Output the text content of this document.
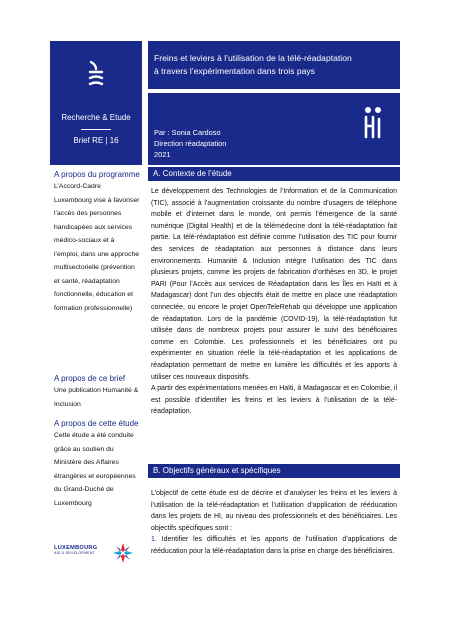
Recherche & Etude
Brief RE | 16
Freins et leviers à l’utilisation de la télé-réadaptation
à travers l’expérimentation dans trois pays
Par : Sonia Cardoso
Direction réadaptation
2021
A propos du programme
L’Accord-Cadre Luxembourg vise à favoriser l’accès des personnes handicapées aux services médico-sociaux et à l’emploi, dans une approche multisectorielle (prévention et santé, réadaptation fonctionnelle, éducation et formation professionnelle)
A propos de ce brief
Une publication Humanité & Inclusion
A propos de cette étude
Cette étude a été conduite grâce au soutien du Ministère des Affaires étrangères et européennes du Grand-Duché de Luxembourg
LUXEMBOURG
AID & DEVELOPMENT
A. Contexte de l’étude

Le développement des Technologies de l’Information et de la Communication (TIC), associé à l’augmentation croissante du nombre d’usagers de téléphone mobile et d’internet dans le monde, ont permis l’émergence de la santé numérique (Digital Health) et de la télémédecine dont la télé-réadaptation fait partie. La télé-réadaptation est définie comme l’utilisation des TIC pour fournir des services de réadaptation aux personnes à distance dans leurs environnements. Humanité & Inclusion intègre l’utilisation des TIC dans plusieurs projets, comme les projets de fabrication d’orthèses en 3D, le projet PARI (Pour l’Accès aux services de Réadaptation dans les Îles en Haïti et à Madagascar) dont l’un des objectifs était de mettre en place une réadaptation connectée, ou encore le projet OpenTeleRehab qui développe une application de réadaptation. Lors de la pandémie (COVID-19), la télé-réadaptation fut utilisée dans de nombreux projets pour assurer le suivi des bénéficiaires comme en Colombie. Les professionnels et les bénéficiaires ont pu expérimenter en situation réelle la télé-réadaptation et les applications de réadaptation permettant de mettre en lumière les difficultés et les apports à utiliser ces nouveaux dispositifs.

A partir des expérimentations menées en Haïti, à Madagascar et en Colombie, il est possible d’identifier les freins et les leviers à l’utilisation de la télé-réadaptation.

B. Objectifs généraux et spécifiques

L’objectif de cette étude est de décrire et d’analyser les freins et les leviers à l’utilisation de la télé-réadaptation et l’utilisation d’application de rééducation dans les projets de HI, au niveau des professionnels et des bénéficiaires. Les objectifs spécifiques sont :

1. Identifier les difficultés et les apports de l’utilisation d’applications de rééducation pour la télé-réadaptation dans la prise en charge des bénéficiaires.
